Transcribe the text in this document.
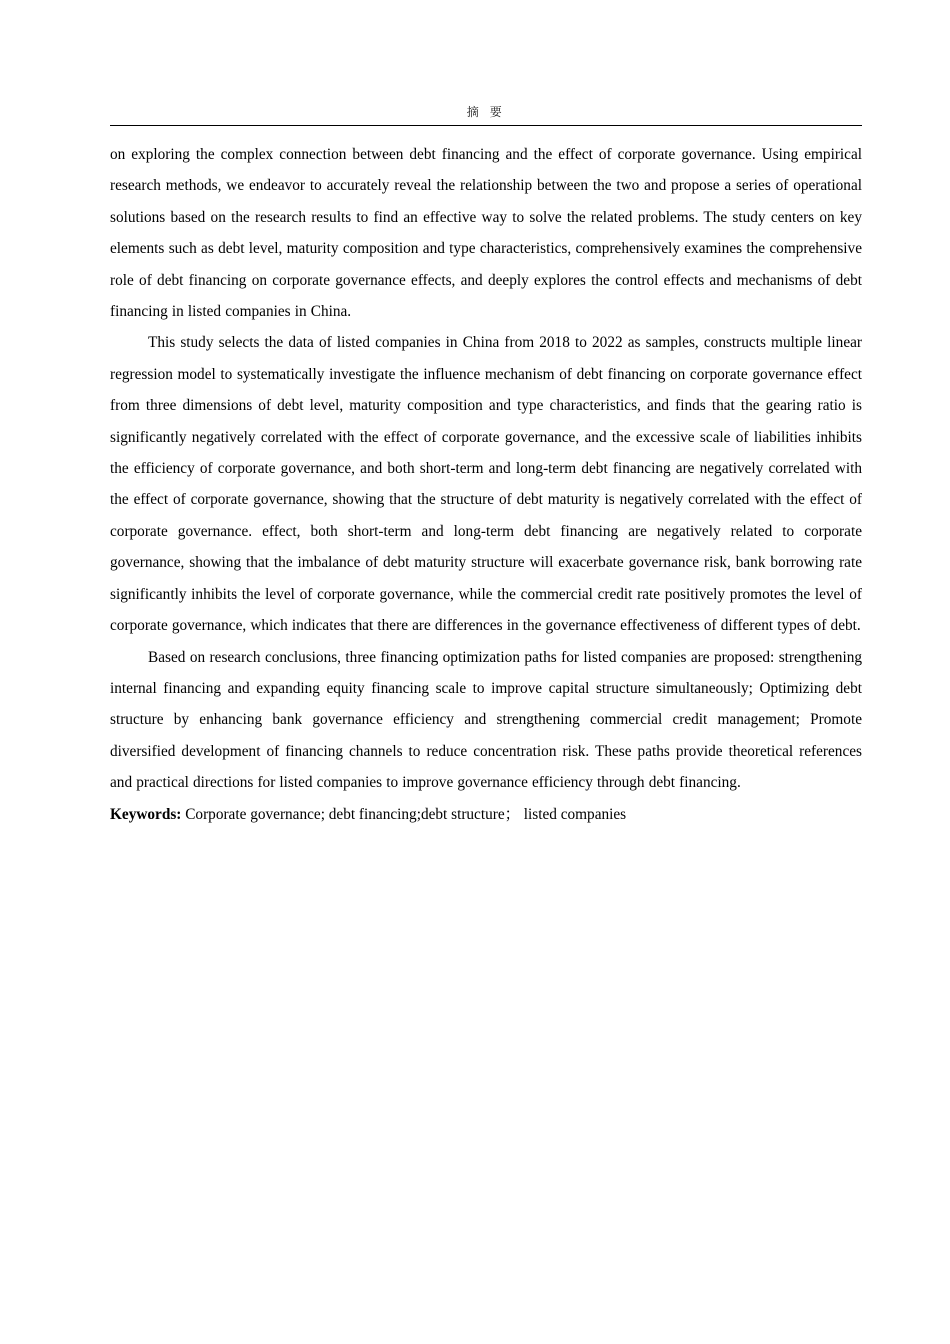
摘 要

on exploring the complex connection between debt financing and the effect of corporate governance. Using empirical research methods, we endeavor to accurately reveal the relationship between the two and propose a series of operational solutions based on the research results to find an effective way to solve the related problems. The study centers on key elements such as debt level, maturity composition and type characteristics, comprehensively examines the comprehensive role of debt financing on corporate governance effects, and deeply explores the control effects and mechanisms of debt financing in listed companies in China.

This study selects the data of listed companies in China from 2018 to 2022 as samples, constructs multiple linear regression model to systematically investigate the influence mechanism of debt financing on corporate governance effect from three dimensions of debt level, maturity composition and type characteristics, and finds that the gearing ratio is significantly negatively correlated with the effect of corporate governance, and the excessive scale of liabilities inhibits the efficiency of corporate governance, and both short-term and long-term debt financing are negatively correlated with the effect of corporate governance, showing that the structure of debt maturity is negatively correlated with the effect of corporate governance. effect, both short-term and long-term debt financing are negatively related to corporate governance, showing that the imbalance of debt maturity structure will exacerbate governance risk, bank borrowing rate significantly inhibits the level of corporate governance, while the commercial credit rate positively promotes the level of corporate governance, which indicates that there are differences in the governance effectiveness of different types of debt.

Based on research conclusions, three financing optimization paths for listed companies are proposed: strengthening internal financing and expanding equity financing scale to improve capital structure simultaneously; Optimizing debt structure by enhancing bank governance efficiency and strengthening commercial credit management; Promote diversified development of financing channels to reduce concentration risk. These paths provide theoretical references and practical directions for listed companies to improve governance efficiency through debt financing.

Keywords: Corporate governance; debt financing;debt structure； listed companies
